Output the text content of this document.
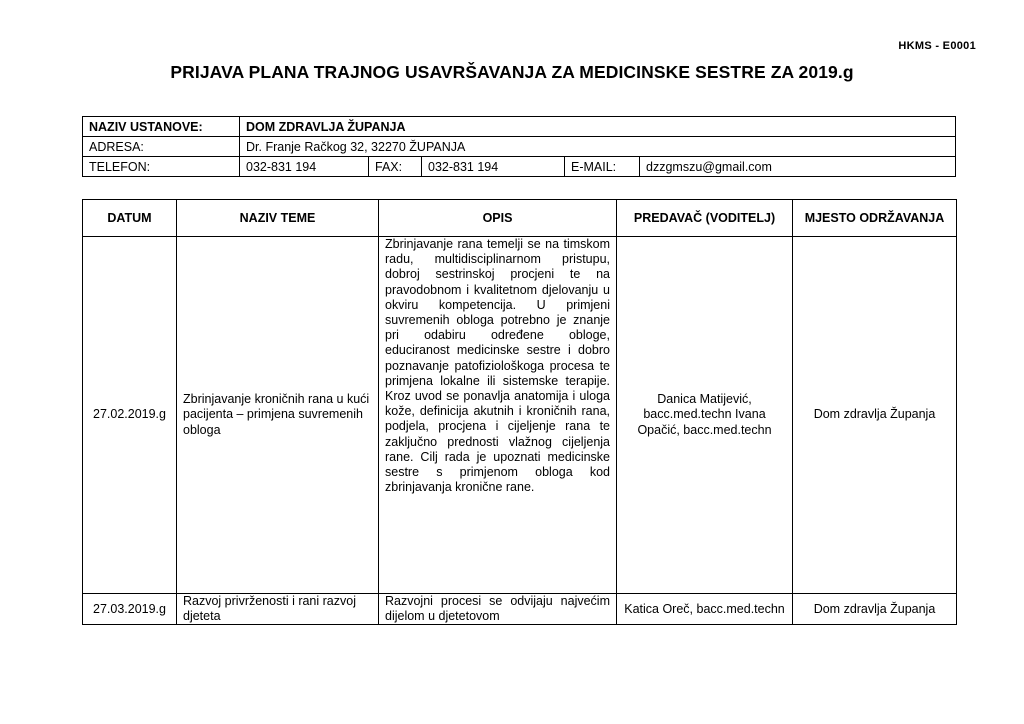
HKMS - E0001
PRIJAVA PLANA TRAJNOG USAVRŠAVANJA ZA MEDICINSKE SESTRE ZA 2019.g
NAZIV USTANOVE:	DOM ZDRAVLJA ŽUPANJA				
ADRESA:	Dr. Franje Račkog 32, 32270 ŽUPANJA				
TELEFON:	032-831 194	FAX:	032-831 194	E-MAIL:	dzzgmszu@gmail.com
DATUM	NAZIV TEME	OPIS	PREDAVAČ (VODITELJ)	MJESTO ODRŽAVANJA
27.02.2019.g	Zbrinjavanje kroničnih rana u kući pacijenta – primjena suvremenih obloga	Zbrinjavanje rana temelji se na timskom radu, multidisciplinarnom pristupu, dobroj sestrinskoj procjeni te na pravodobnom i kvalitetnom djelovanju u okviru kompetencija. U primjeni suvremenih obloga potrebno je znanje pri odabiru određene obloge, educiranost medicinske sestre i dobro poznavanje patofiziološkoga procesa te primjena lokalne ili sistemske terapije. Kroz uvod se ponavlja anatomija i uloga kože, definicija akutnih i kroničnih rana, podjela, procjena i cijeljenje rana te zaključno prednosti vlažnog cijeljenja rane. Cilj rada je upoznati medicinske sestre s primjenom obloga kod zbrinjavanja kronične rane.	Danica Matijević, bacc.med.techn Ivana Opačić, bacc.med.techn	Dom zdravlja Županja
27.03.2019.g	Razvoj privrženosti i rani razvoj djeteta	Razvojni procesi se odvijaju najvećim dijelom u djetetovom	Katica Oreč, bacc.med.techn	Dom zdravlja Županja
